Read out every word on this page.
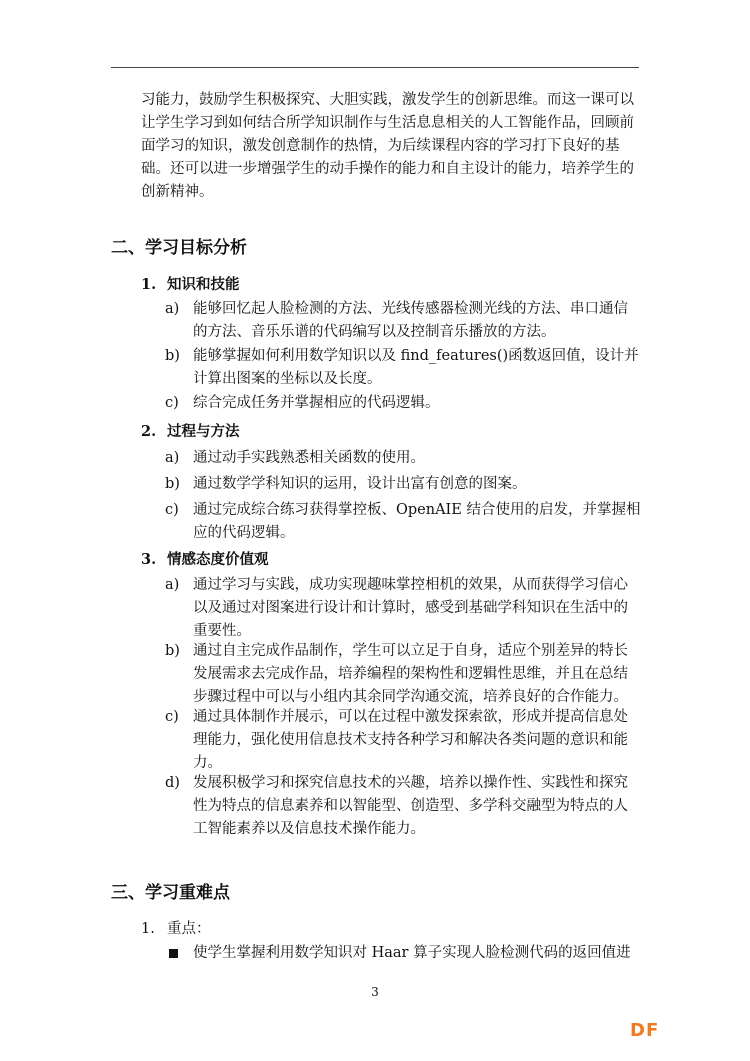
习能力，鼓励学生积极探究、大胆实践，激发学生的创新思维。而这一课可以让学生学习到如何结合所学知识制作与生活息息相关的人工智能作品，回顾前面学习的知识，激发创意制作的热情，为后续课程内容的学习打下良好的基础。还可以进一步增强学生的动手操作的能力和自主设计的能力，培养学生的创新精神。

二、学习目标分析

1. 知识和技能

a) 能够回忆起人脸检测的方法、光线传感器检测光线的方法、串口通信的方法、音乐乐谱的代码编写以及控制音乐播放的方法。

b) 能够掌握如何利用数学知识以及 find_features()函数返回值，设计并计算出图案的坐标以及长度。

c) 综合完成任务并掌握相应的代码逻辑。

2. 过程与方法

a) 通过动手实践熟悉相关函数的使用。

b) 通过数学学科知识的运用，设计出富有创意的图案。

c) 通过完成综合练习获得掌控板、OpenAIE 结合使用的启发，并掌握相应的代码逻辑。

3. 情感态度价值观

a) 通过学习与实践，成功实现趣味掌控相机的效果，从而获得学习信心以及通过对图案进行设计和计算时，感受到基础学科知识在生活中的重要性。

b) 通过自主完成作品制作，学生可以立足于自身，适应个别差异的特长发展需求去完成作品，培养编程的架构性和逻辑性思维，并且在总结步骤过程中可以与小组内其余同学沟通交流，培养良好的合作能力。

c) 通过具体制作并展示，可以在过程中激发探索欲，形成并提高信息处理能力，强化使用信息技术支持各种学习和解决各类问题的意识和能力。

d) 发展积极学习和探究信息技术的兴趣，培养以操作性、实践性和探究性为特点的信息素养和以智能型、创造型、多学科交融型为特点的人工智能素养以及信息技术操作能力。

三、学习重难点

1. 重点：

使学生掌握利用数学知识对 Haar 算子实现人脸检测代码的返回值进

3
DF
